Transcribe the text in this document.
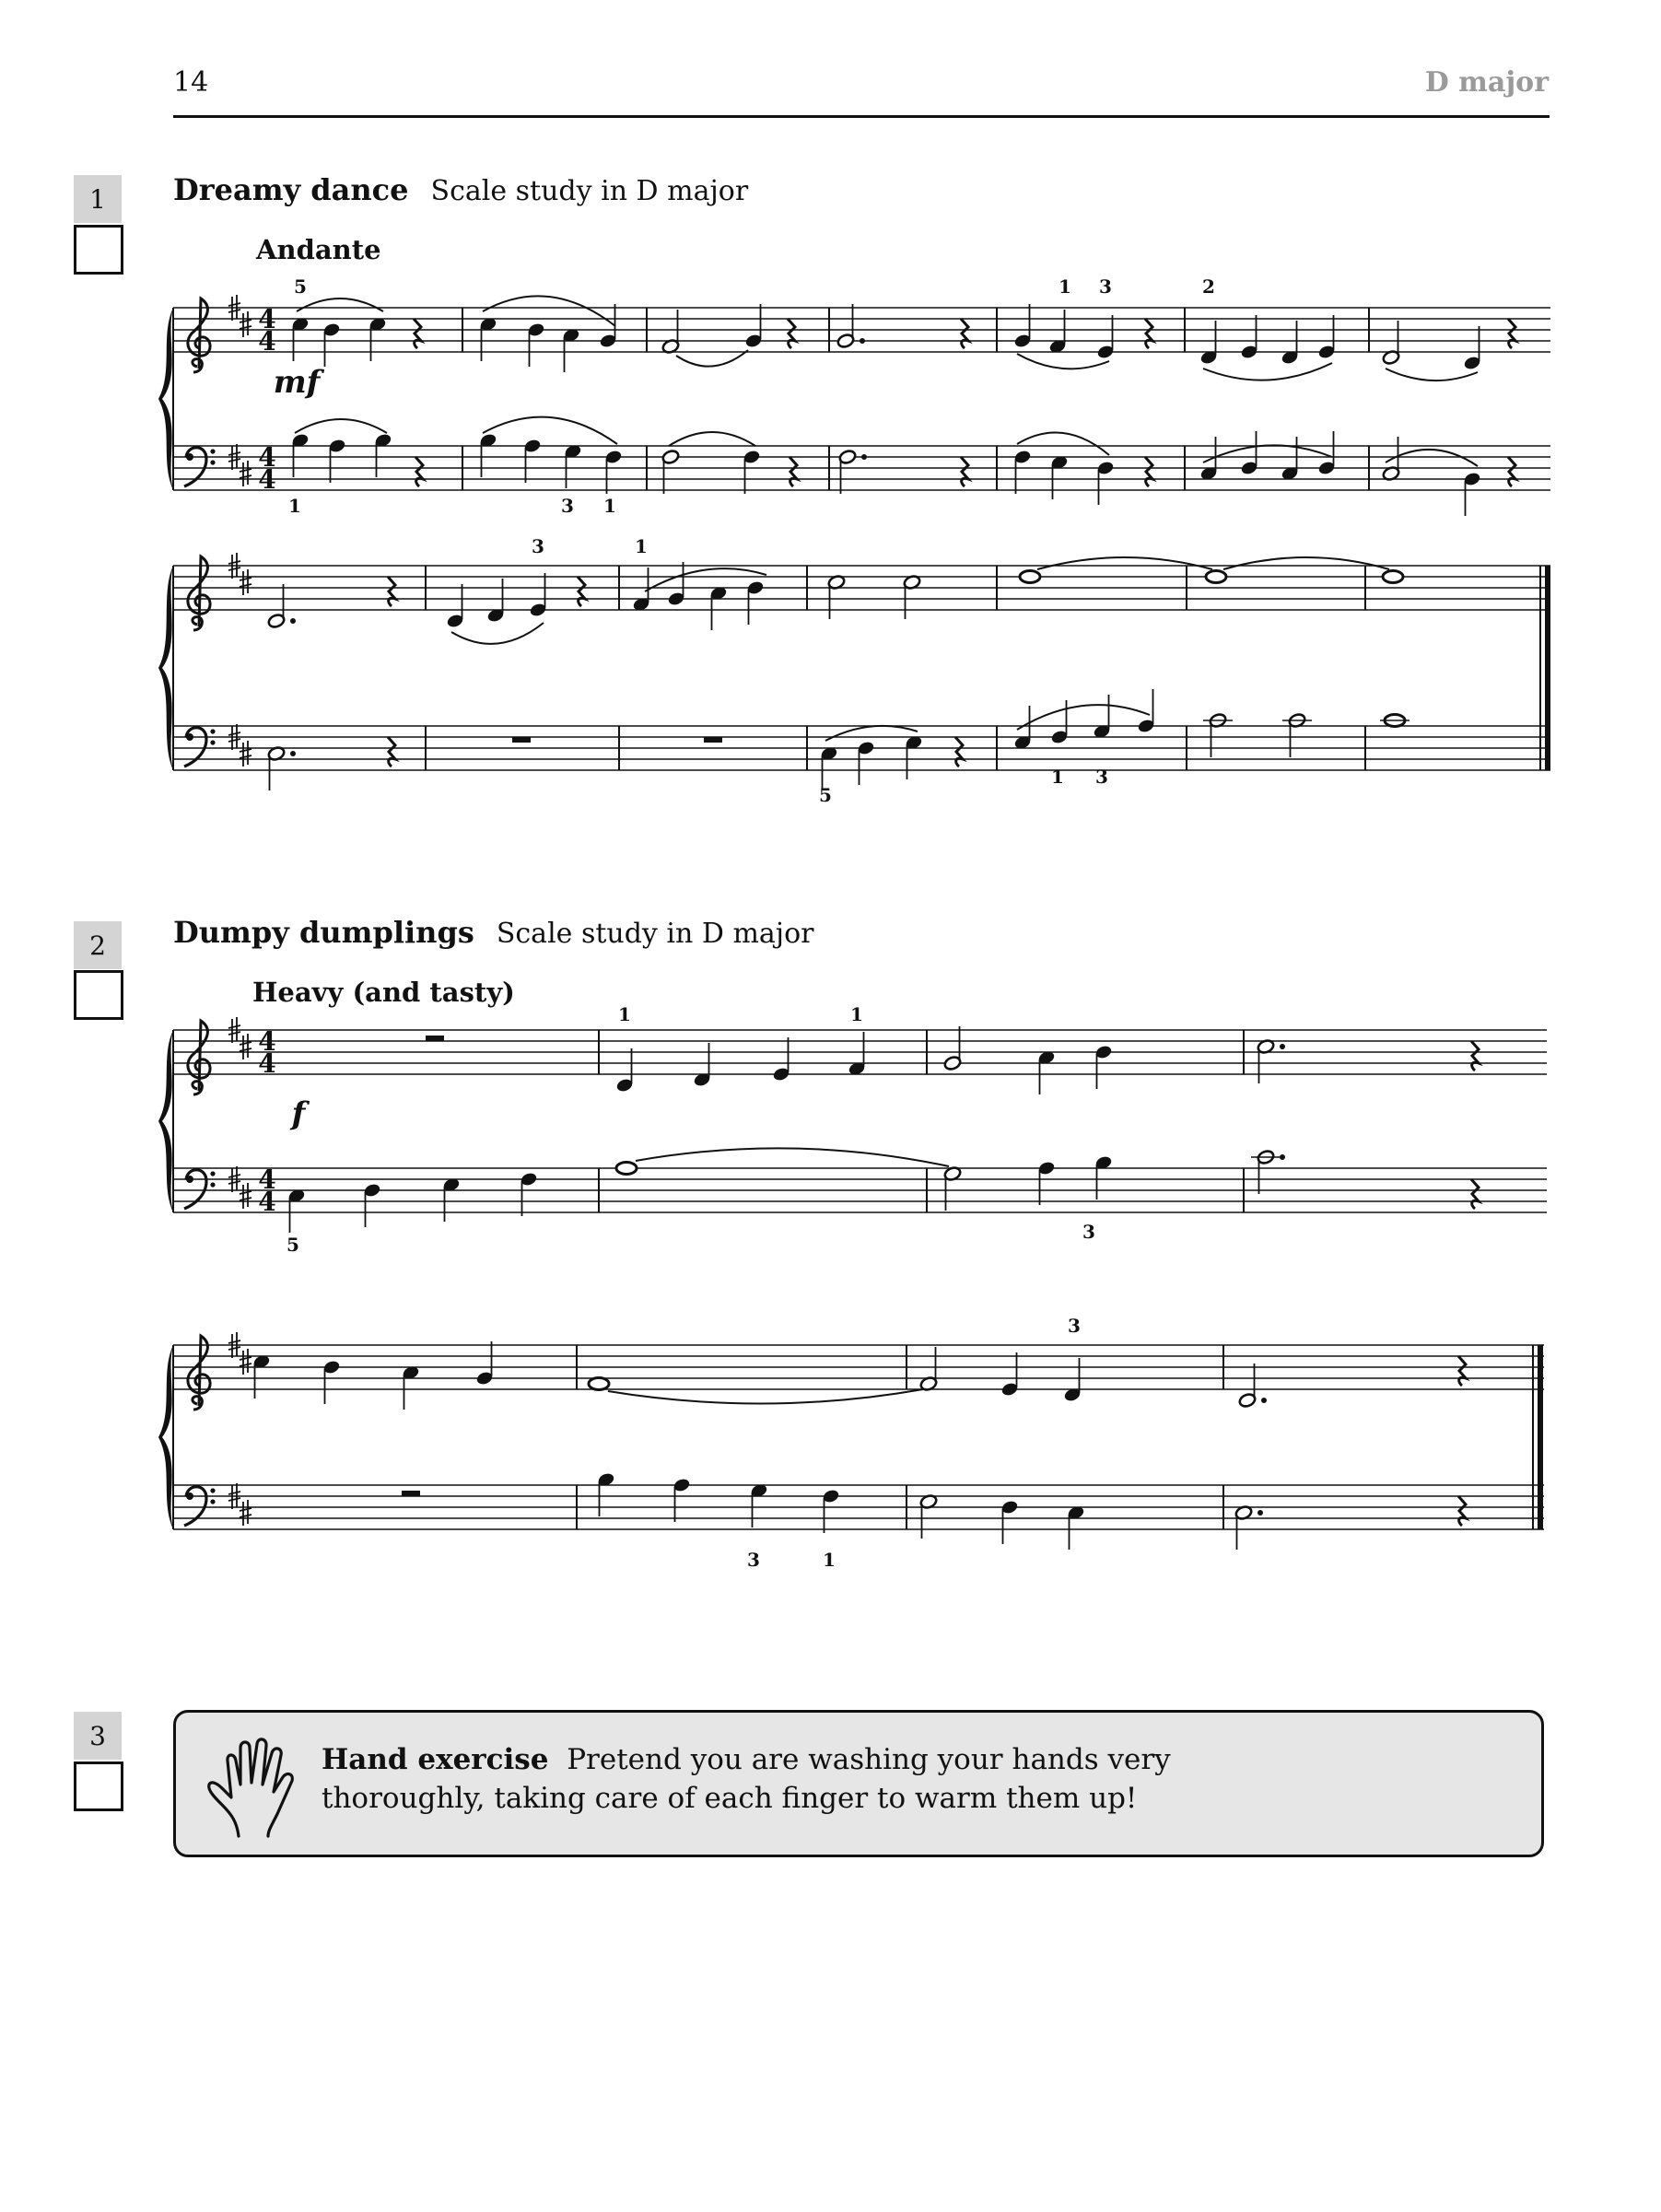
14	D major
1	Dreamy dance Scale study in D major
Andante
2	Dumpy dumplings Scale study in D major
Heavy (and tasty)
3
4
4
4
4
5	1 3	2
mf
1	3 1
3	1
5
1 3
4
4
4
4
1	1
f
5
3
3
3	1
Hand exercise Pretend you are washing your hands very
thoroughly, taking care of each finger to warm them up!
